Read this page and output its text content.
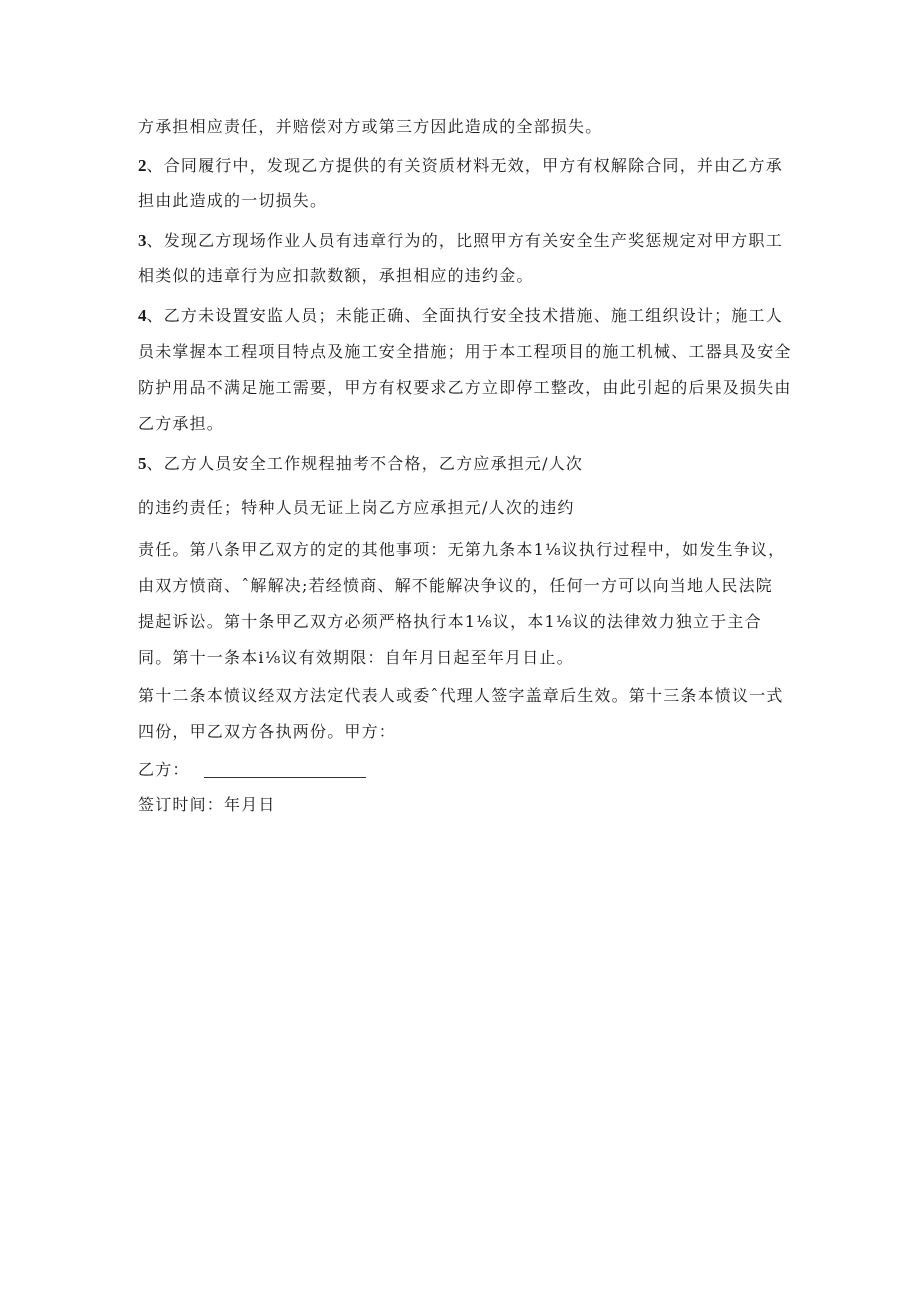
方承担相应责任，并赔偿对方或第三方因此造成的全部损失。
2、合同履行中，发现乙方提供的有关资质材料无效，甲方有权解除合同，并由乙方承
担由此造成的一切损失。
3、发现乙方现场作业人员有违章行为的，比照甲方有关安全生产奖惩规定对甲方职工
相类似的违章行为应扣款数额，承担相应的违约金。
4、乙方未设置安监人员；未能正确、全面执行安全技术措施、施工组织设计；施工人
员未掌握本工程项目特点及施工安全措施；用于本工程项目的施工机械、工器具及安全
防护用品不满足施工需要，甲方有权要求乙方立即停工整改，由此引起的后果及损失由
乙方承担。
5、乙方人员安全工作规程抽考不合格，乙方应承担元/人次
的违约责任；特种人员无证上岗乙方应承担元/人次的违约
责任。第八条甲乙双方的定的其他事项：无第九条本1⅛议执行过程中，如发生争议，
由双方愤商、ˆ解解决;若经愤商、解不能解决争议的，任何一方可以向当地人民法院
提起诉讼。第十条甲乙双方必须严格执行本1⅛议，本1⅛议的法律效力独立于主合
同。第十一条本i⅛议有效期限：自年月日起至年月日止。
第十二条本愤议经双方法定代表人或委ˆ代理人签字盖章后生效。第十三条本愤议一式
四份，甲乙双方各执两份。甲方：
乙方：
签订时间：年月日
